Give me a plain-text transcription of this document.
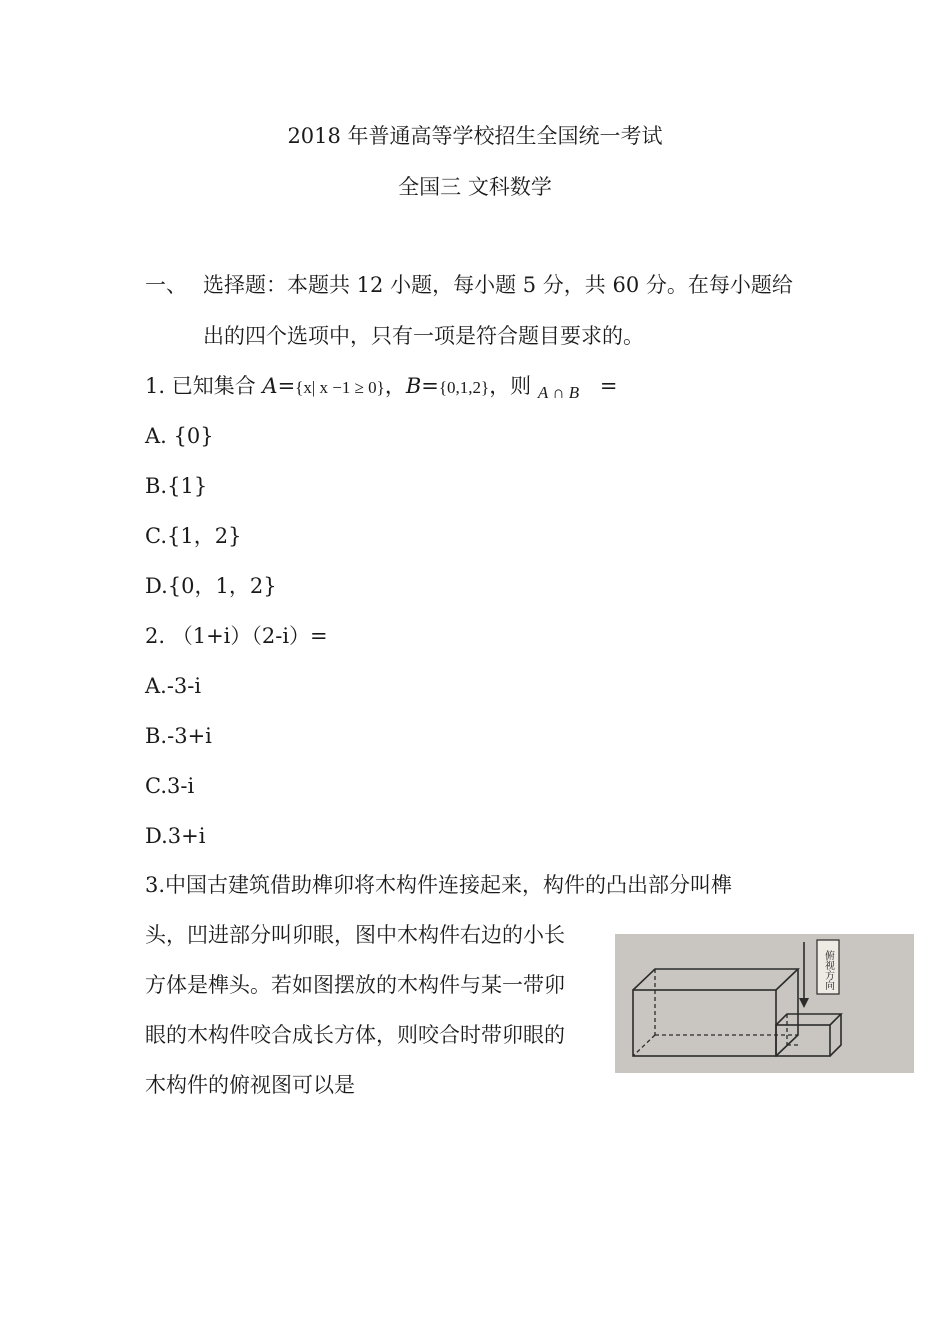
2018 年普通高等学校招生全国统一考试
全国三 文科数学
一、 选择题：本题共 12 小题，每小题 5 分，共 60 分。在每小题给
出的四个选项中，只有一项是符合题目要求的。
1. 已知集合 A={x| x −1 ≥ 0}，B={0,1,2}，则 $_{A \cap B}$ =
A. {0}
B.{1}
C.{1，2}
D.{0，1，2}
2. （1+i）（2-i）=
A.-3-i
B.-3+i
C.3-i
D.3+i
3.中国古建筑借助榫卯将木构件连接起来，构件的凸出部分叫榫
头，凹进部分叫卯眼，图中木构件右边的小长
方体是榫头。若如图摆放的木构件与某一带卯
眼的木构件咬合成长方体，则咬合时带卯眼的
木构件的俯视图可以是
俯视方向
